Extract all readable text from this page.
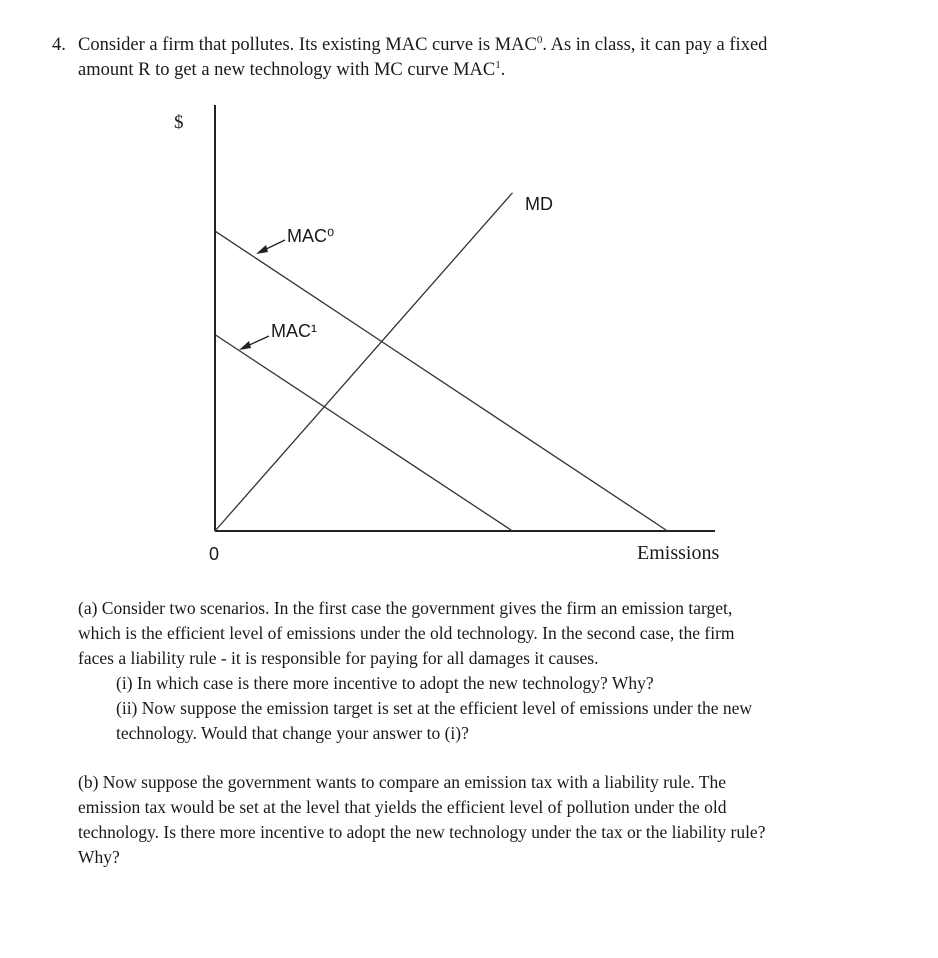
4. Consider a firm that pollutes. Its existing MAC curve is MAC$^0$. As in class, it can pay a fixed
amount R to get a new technology with MC curve MAC$^1$.
$
0	Emissions
MAC⁰
MAC¹
MD

(a) Consider two scenarios. In the first case the government gives the firm an emission target,

which is the efficient level of emissions under the old technology. In the second case, the firm

faces a liability rule - it is responsible for paying for all damages it causes.

(i) In which case is there more incentive to adopt the new technology? Why?

(ii) Now suppose the emission target is set at the efficient level of emissions under the new

technology. Would that change your answer to (i)?

(b) Now suppose the government wants to compare an emission tax with a liability rule. The

emission tax would be set at the level that yields the efficient level of pollution under the old

technology. Is there more incentive to adopt the new technology under the tax or the liability rule?

Why?
